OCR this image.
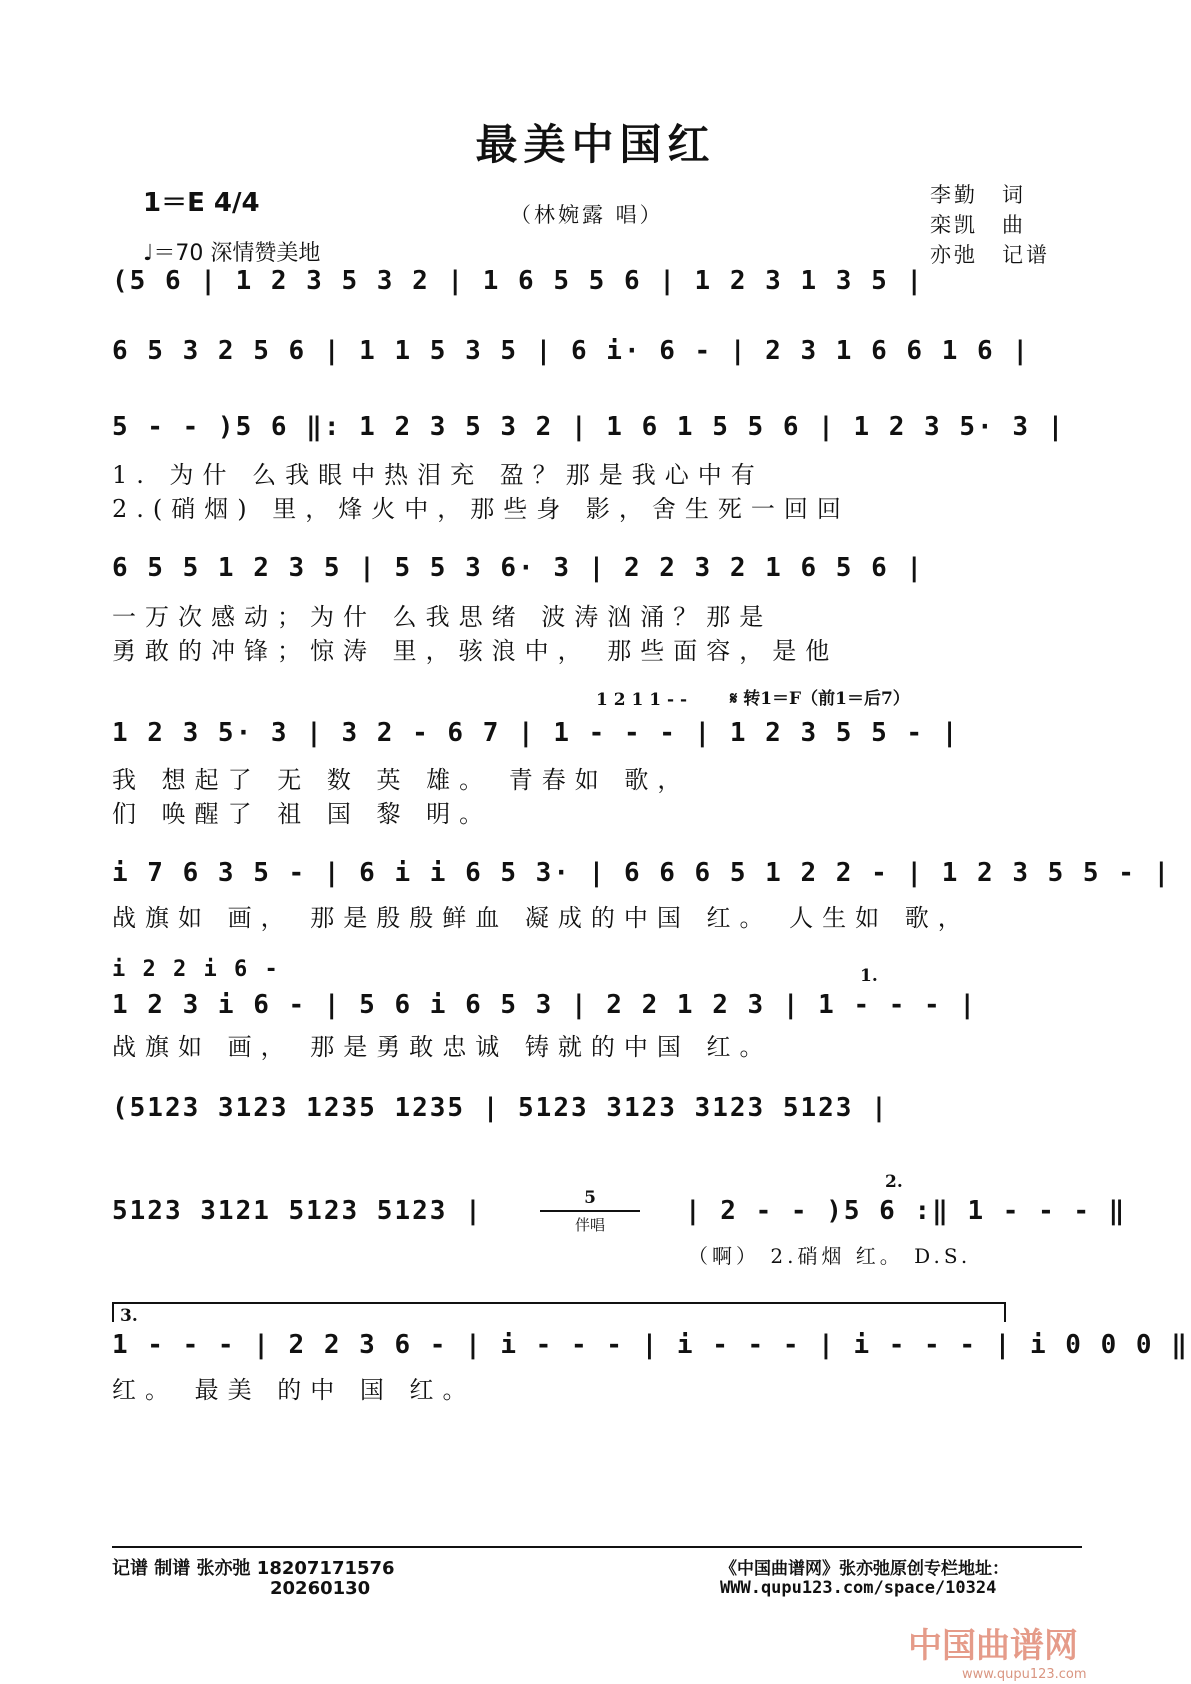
最美中国红
1＝E 4/4
♩＝70 深情赞美地
（林婉露 唱）
李勤　词
栾凯　曲
亦弛　记谱
(5 6 | 1 2 3 5 3 2 | 1 6 5 5 6 | 1 2 3 1 3 5 |
6 5 3 2 5 6 | 1 1 5 3 5 | 6 i· 6 - | 2 3 1 6 6 1 6 |
5 - - )5 6 ‖: 1 2 3 5 3 2 | 1 6 1 5 5 6 | 1 2 3 5· 3 |
1. 为什 么我眼中热泪充 盈？那是我心中有
2.(硝烟) 里，烽火中，那些身 影，舍生死一回回
6 5 5 1 2 3 5 | 5 5 3 6· 3 | 2 2 3 2 1 6 5 6 |
一万次感动；为什 么我思绪 波涛汹涌？那是
勇敢的冲锋；惊涛 里，骇浪中， 那些面容，是他
1 2 1 1 - -	𝄋 转1＝F（前1＝后7）
1 2 3 5· 3 | 3 2 - 6 7 | 1 - - - | 1 2 3 5 5 - |
我 想起了 无 数 英 雄。 青春如 歌，
们 唤醒了 祖 国 黎 明。
i 7 6 3 5 - | 6 i i 6 5 3· | 6 6 6 5 1 2 2 - | 1 2 3 5 5 - |
战旗如 画， 那是殷殷鲜血 凝成的中国 红。 人生如 歌，
1.
i 2 2 i 6 -
1 2 3 i 6 - | 5 6 i 6 5 3 | 2 2 1 2 3 | 1 - - - |
战旗如 画， 那是勇敢忠诚 铸就的中国 红。
(5123 3123 1235 1235 | 5123 3123 3123 5123 |
5123 3121 5123 5123 |	5
伴唱	| 2 - - )5 6 :‖ 1 - - - ‖
2.
（啊） 2.硝烟 红。 D.S.
3.
1 - - - | 2 2 3 6 - | i - - - | i - - - | i - - - | i 0 0 0 ‖
红。 最美 的中 国 红。
记谱 制谱 张亦弛 18207171576
20260130
《中国曲谱网》张亦弛原创专栏地址：
WWW.qupu123.com/space/10324
中国曲谱网
www.qupu123.com
